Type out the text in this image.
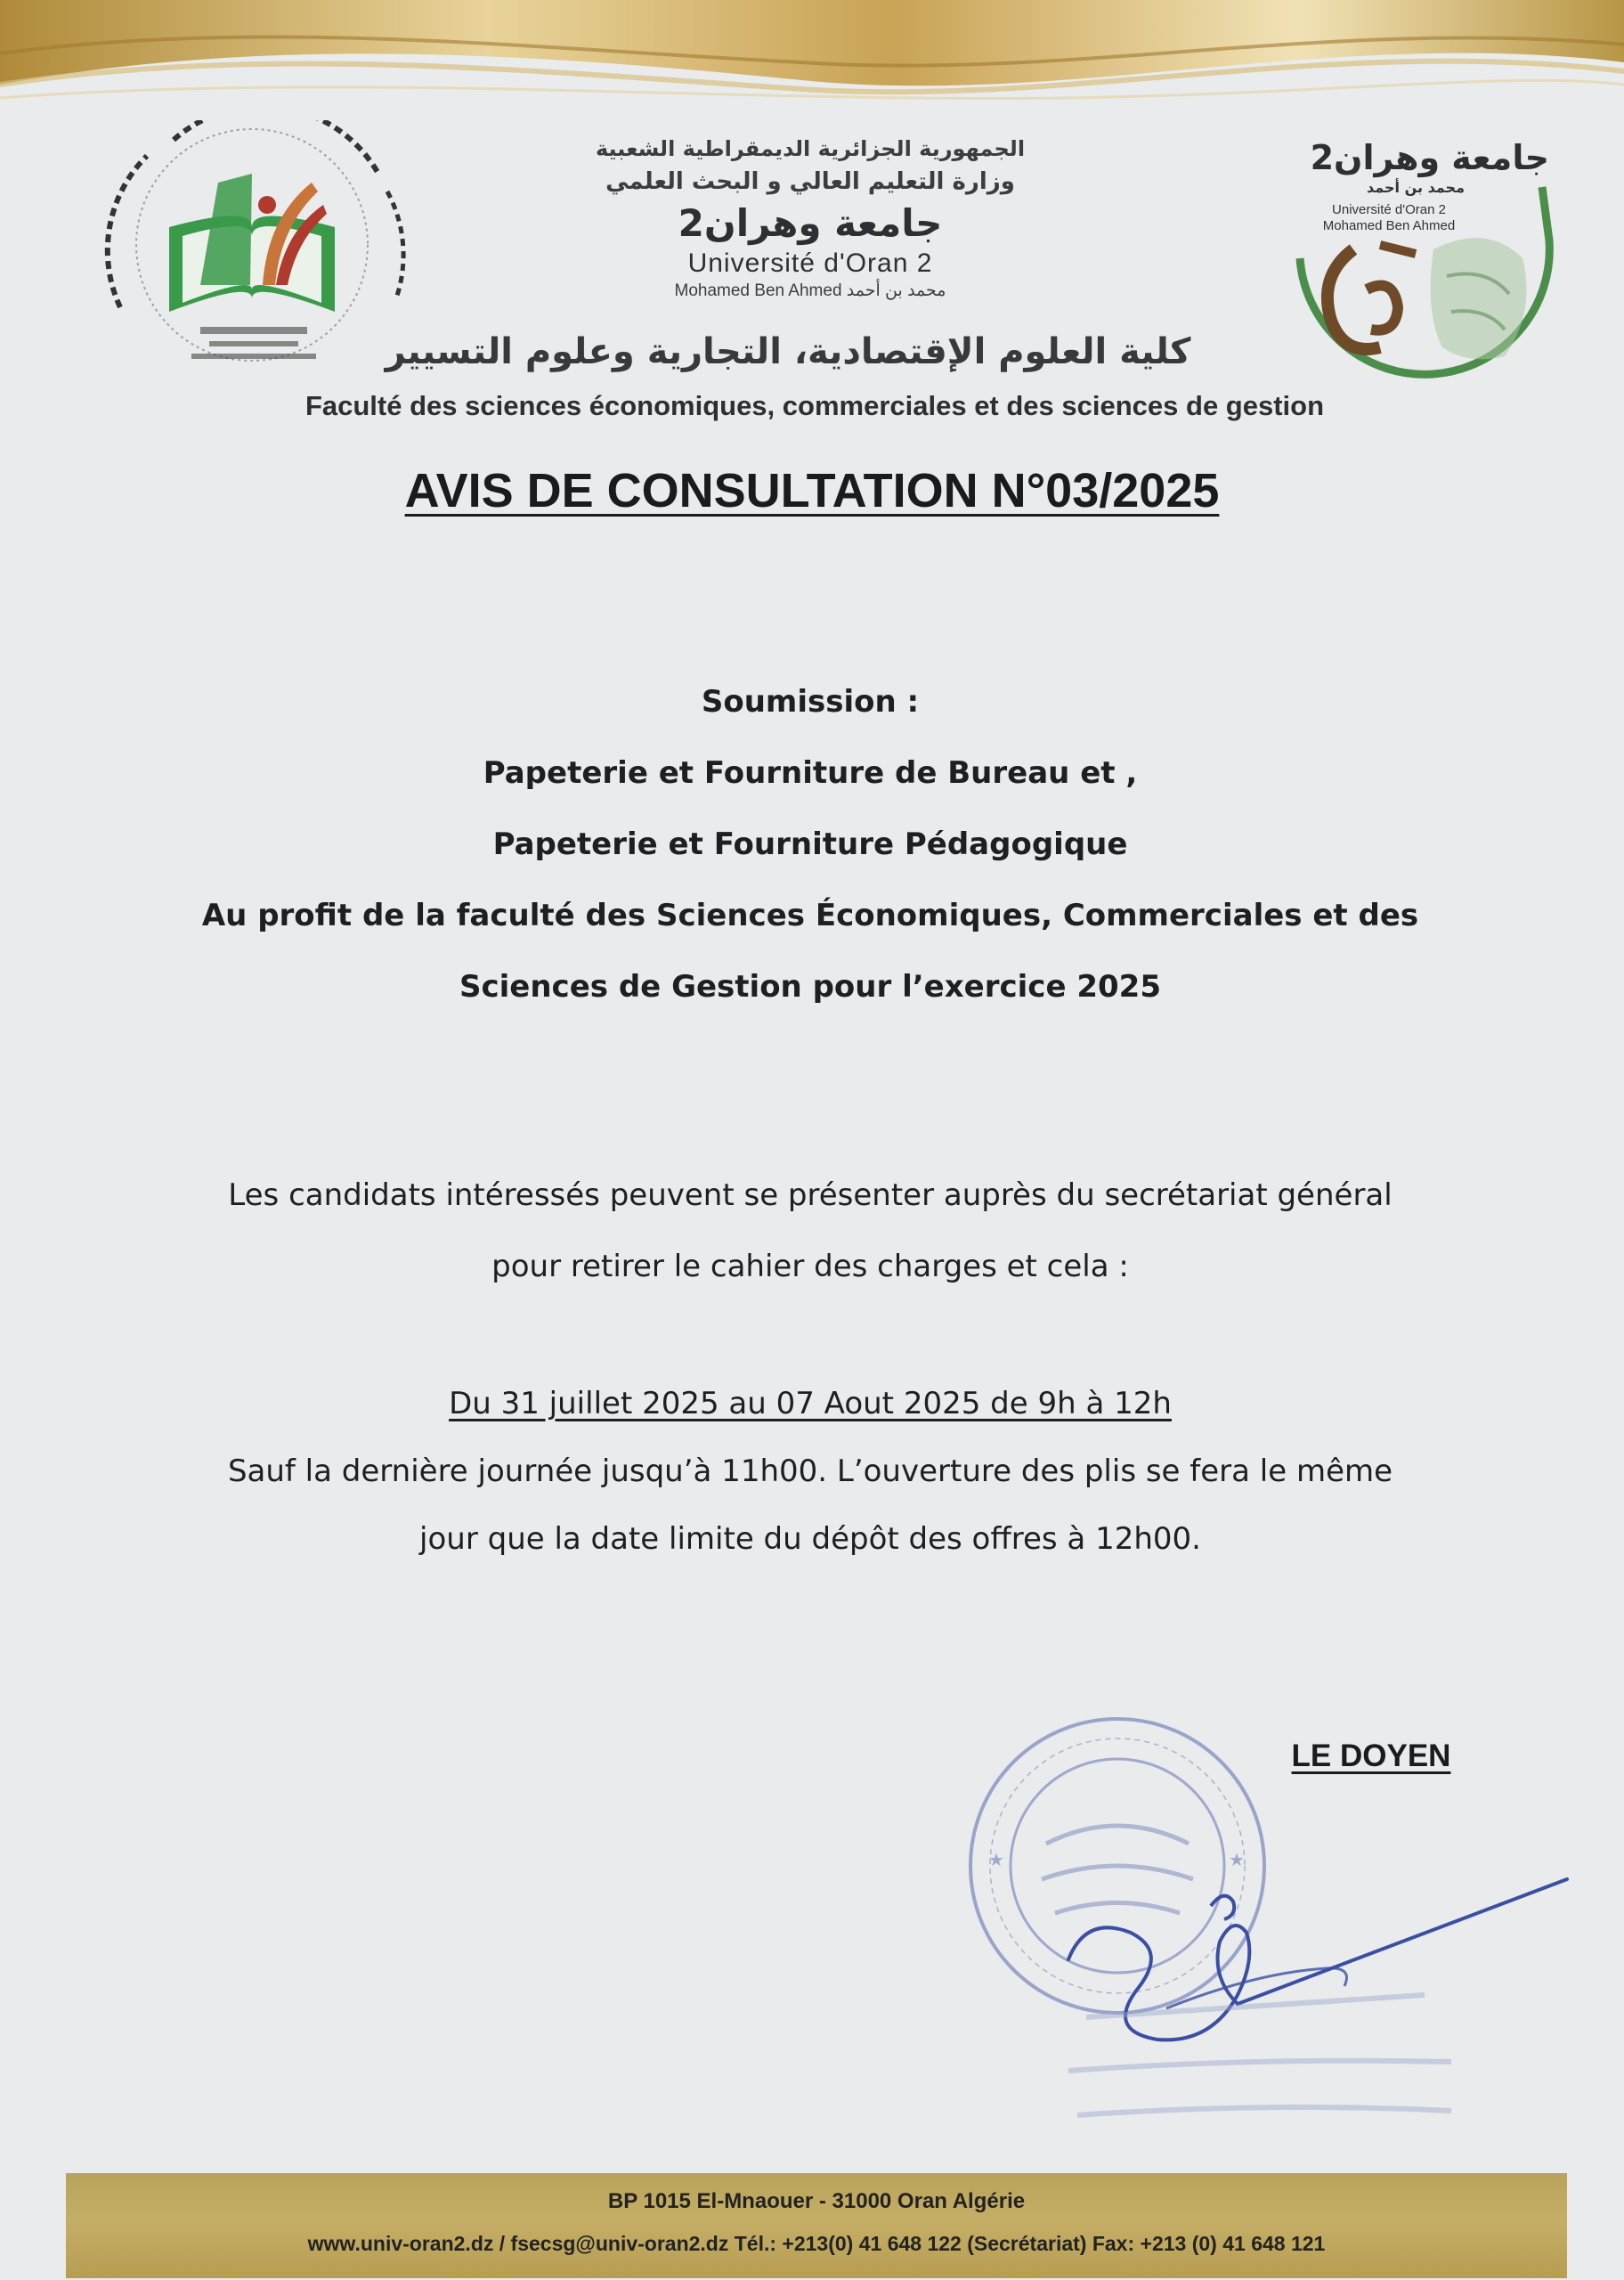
الجمهورية الجزائرية الديمقراطية الشعبية
وزارة التعليم العالي و البحث العلمي
جامعة وهران2
Université d'Oran 2
Mohamed Ben Ahmed محمد بن أحمد
جامعة وهران2
محمد بن أحمد
Université d'Oran 2
Mohamed Ben Ahmed
كلية العلوم الإقتصادية، التجارية وعلوم التسيير
Faculté des sciences économiques, commerciales et des sciences de gestion
AVIS DE CONSULTATION N°03/2025
Soumission :
Papeterie et Fourniture de Bureau et ,
Papeterie et Fourniture Pédagogique
Au profit de la faculté des Sciences Économiques, Commerciales et des
Sciences de Gestion pour l’exercice 2025
Les candidats intéressés peuvent se présenter auprès du secrétariat général
pour retirer le cahier des charges et cela :
Du 31 juillet 2025 au 07 Aout 2025 de 9h à 12h
Sauf la dernière journée jusqu’à 11h00. L’ouverture des plis se fera le même
jour que la date limite du dépôt des offres à 12h00.
★	★
LE DOYEN
BP 1015 El-Mnaouer - 31000 Oran Algérie
www.univ-oran2.dz / fsecsg@univ-oran2.dz Tél.: +213(0) 41 648 122 (Secrétariat) Fax: +213 (0) 41 648 121
